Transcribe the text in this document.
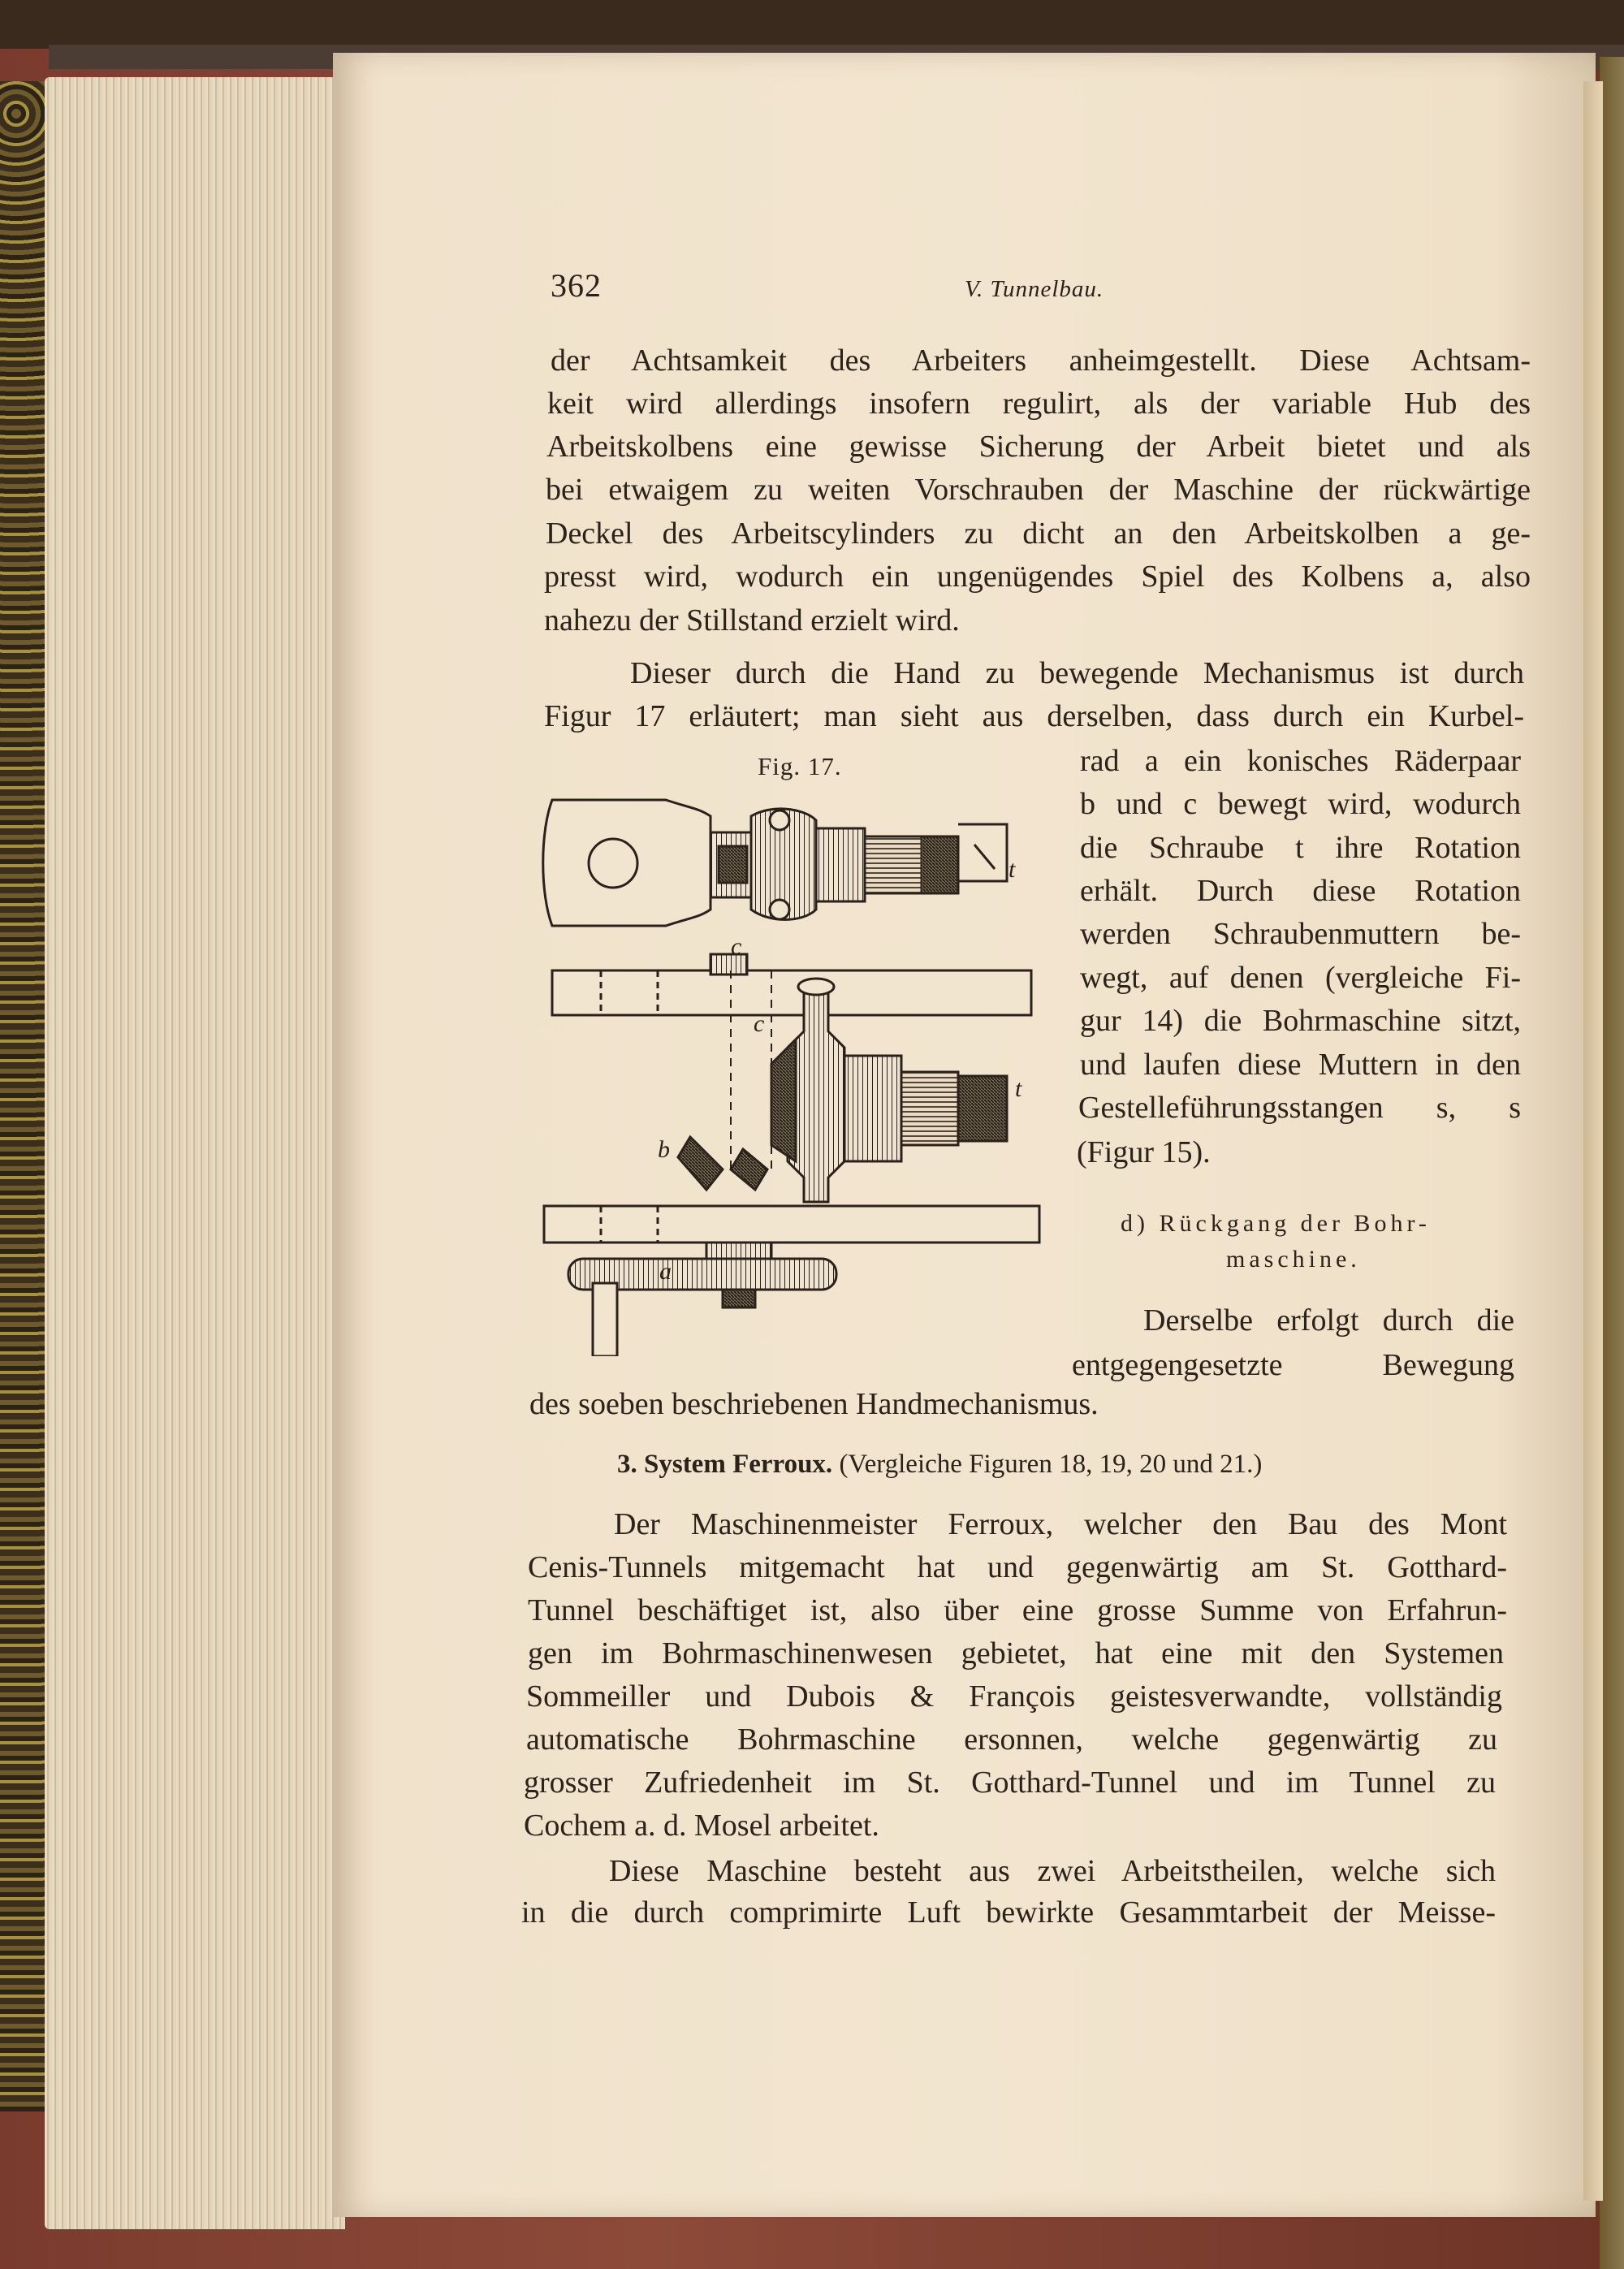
362	V. Tunnelbau.
der Achtsamkeit des Arbeiters anheimgestellt. Diese Achtsam-
keit wird allerdings insofern regulirt, als der variable Hub des
Arbeitskolbens eine gewisse Sicherung der Arbeit bietet und als
bei etwaigem zu weiten Vorschrauben der Maschine der rückwärtige
Deckel des Arbeitscylinders zu dicht an den Arbeitskolben a ge-
presst wird, wodurch ein ungenügendes Spiel des Kolbens a, also
nahezu der Stillstand erzielt wird.
Dieser durch die Hand zu bewegende Mechanismus ist durch
Figur 17 erläutert; man sieht aus derselben, dass durch ein Kurbel-
rad a ein konisches Räderpaar
b und c bewegt wird, wodurch
die Schraube t ihre Rotation
erhält. Durch diese Rotation
werden Schraubenmuttern be-
wegt, auf denen (vergleiche Fi-
gur 14) die Bohrmaschine sitzt,
und laufen diese Muttern in den
Gestelleführungsstangen s, s
(Figur 15).
Fig. 17.
c
t
c
t
b
a
d) Rückgang der Bohr-
maschine.
Derselbe erfolgt durch die
entgegengesetzte Bewegung
des soeben beschriebenen Handmechanismus.
3. System Ferroux. (Vergleiche Figuren 18, 19, 20 und 21.)
Der Maschinenmeister Ferroux, welcher den Bau des Mont
Cenis-Tunnels mitgemacht hat und gegenwärtig am St. Gotthard-
Tunnel beschäftiget ist, also über eine grosse Summe von Erfahrun-
gen im Bohrmaschinenwesen gebietet, hat eine mit den Systemen
Sommeiller und Dubois & François geistesverwandte, vollständig
automatische Bohrmaschine ersonnen, welche gegenwärtig zu
grosser Zufriedenheit im St. Gotthard-Tunnel und im Tunnel zu
Cochem a. d. Mosel arbeitet.
Diese Maschine besteht aus zwei Arbeitstheilen, welche sich
in die durch comprimirte Luft bewirkte Gesammtarbeit der Meisse-
